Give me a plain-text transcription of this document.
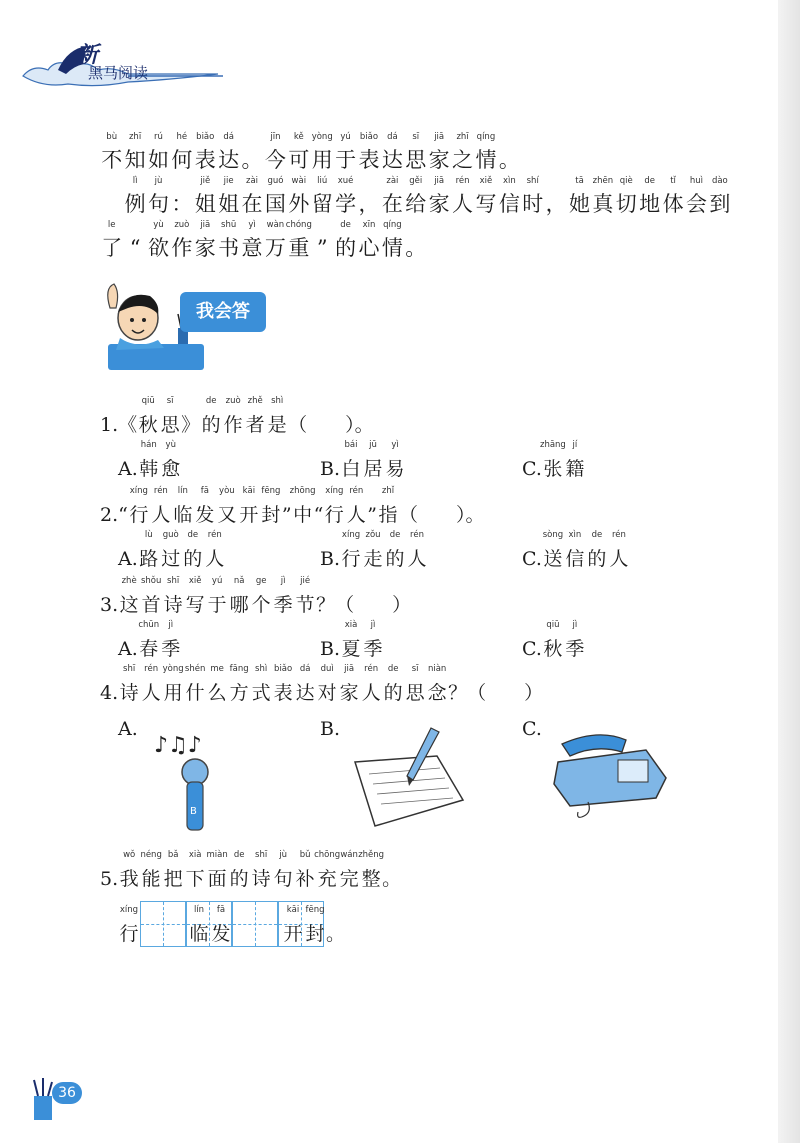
新
黑马阅读
不
bù
知
zhī
如
rú
何
hé
表
biǎo
达
dá
。 今
jīn
可
kě
用
yòng
于
yú
表
biǎo
达
dá
思
sī
家
jiā
之
zhī
情
qíng
。
　例
lì
句
jù
： 姐
jiě
姐
jie
在
zài
国
guó
外
wài
留
liú
学
xué
， 在
zài
给
gěi
家
jiā
人
rén
写
xiě
信
xìn
时
shí
， 她
tā
真
zhēn
切
qiè
地
de
体
tǐ
会
huì
到
dào
了
le
“ 欲
yù
作
zuò
家
jiā
书
shū
意
yì
万
wàn
重
chóng
” 的
de
心
xīn
情
qíng
。
我会答
1.《秋
qiū
思
sī
》的
de
作
zuò
者
zhě
是
shì
（　　）。
A.韩
hán
愈
yù
B.白
bái
居
jū
易
yì
C.张
zhāng
籍
jí
2.“行
xíng
人
rén
临
lín
发
fā
又
yòu
开
kāi
封
fēng
”中
zhōng
“行
xíng
人
rén
”指
zhǐ
（　　）。
A.路
lù
过
guò
的
de
人
rén
B.行
xíng
走
zǒu
的
de
人
rén
C.送
sòng
信
xìn
的
de
人
rén
3.这
zhè
首
shǒu
诗
shī
写
xiě
于
yú
哪
nǎ
个
ge
季
jì
节
jié
？（　　）
A.春
chūn
季
jì
B.夏
xià
季
jì
C.秋
qiū
季
jì
4.诗
shī
人
rén
用
yòng
什
shén
么
me
方
fāng
式
shì
表
biǎo
达
dá
对
duì
家
jiā
人
rén
的
de
思
sī
念
niàn
？（　　）
A.	B.	C.
♪♫♪
B
5.我
wǒ
能
néng
把
bǎ
下
xià
面
miàn
的
de
诗
shī
句
jù
补
bǔ
充
chōng
完
wán
整
zhěng
。
行
xíng
临
lín
发
fā
开
kāi
封
fēng
。
36
